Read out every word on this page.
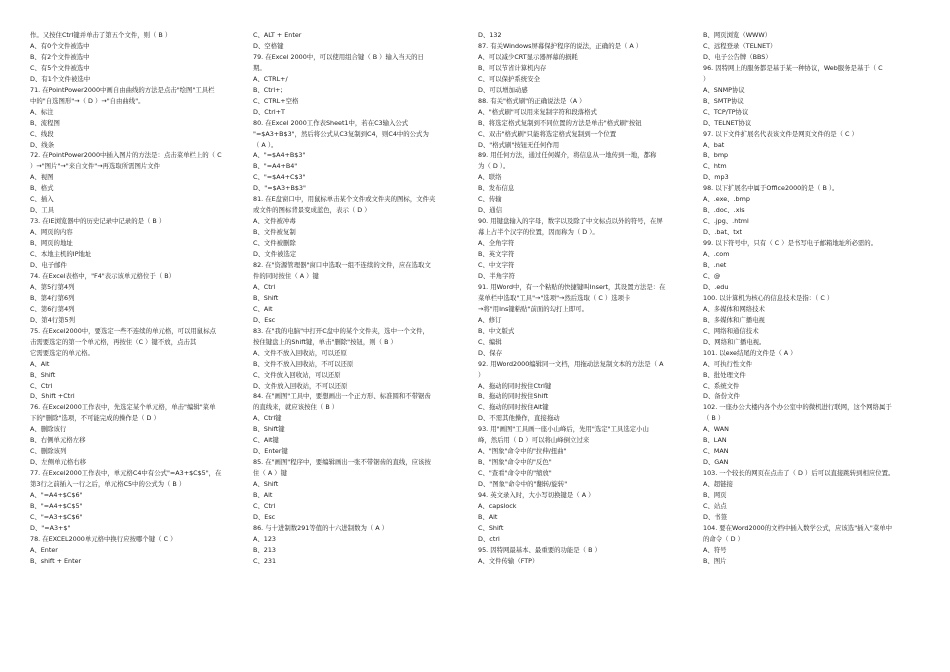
作。又按住Ctrl键并单击了第五个文件，则（ B ）
A、有0个文件被选中
B、有2个文件被选中
C、有5个文件被选中
D、有1个文件被选中
71. 在PointPower2000中画自由曲线的方法是点击"绘图"工具栏
中的"自选图形"→（ D ）→"自由曲线"。
A、标注
B、流程图
C、线段
D、线条
72. 在PointPower2000中插入图片的方法是：点击菜单栏上的（ C
）→"图片"→"来自文件"→再选取所需图片文件
A、视图
B、格式
C、插入
D、工具
73. 在IE浏览器中的历史记录中记录的是（ B ）
A、网页的内容
B、网页的地址
C、本地主机的IP地址
D、电子邮件
74. 在Excel表格中，"F4"表示该单元格位于（ B）
A、第5行第4列
B、第4行第6列
C、第6行第4列
D、第4行第5列
75. 在Excel2000中，要选定一些不连续的单元格，可以用鼠标点
击需要选定的第一个单元格，再按住（C ）键不放，点击其
它需要选定的单元格。
A、Alt
B、Shift
C、Ctrl
D、Shift +Ctrl
76. 在Excel2000工作表中，先选定某个单元格，单击"编辑"菜单
下的"删除"选项，不可能完成的操作是（ D ）
A、删除该行
B、右侧单元格左移
C、删除该列
D、左侧单元格右移
77. 在Excel2000工作表中，单元格C4中有公式"=A3+$C$5"，在
第3行之前插入一行之后，单元格C5中的公式为（ B ）
A、"=A4+$C$6"
B、"=A4+$C$5"
C、"=A3+$C$6"
D、"=A3+$"
78. 在EXCEL2000单元格中换行应按哪个键（ C ）
A、Enter
B、shift + Enter
C、ALT + Enter
D、空格键
79. 在Excel 2000中，可以使用组合键（ B ）输入当天的日
期。
A、CTRL+/
B、Ctrl+;
C、CTRL+空格
D、Ctrl+T
80. 在Excel 2000工作表Sheet1中，若在C3输入公式
"=$A3+B$3"，然后将公式从C3复制到C4，则C4中的公式为
（ A ）。
A、"=$A4+B$3"
B、"=A4+B4"
C、"=$A4+C$3"
D、"=$A3+B$3"
81. 在E盘窗口中，用鼠标单击某个文件或文件夹的图标，文件夹
或文件的图标背景变成蓝色，表示（ D ）
A、文件被冲毒
B、文件被复制
C、文件被删除
D、文件被选定
82. 在"资源管理器"窗口中选取一组不连续的文件，应在选取文
件的同时按住（ A ）键
A、Ctrl
B、Shift
C、Alt
D、Esc
83. 在"我的电脑"中打开C盘中的某个文件夹，选中一个文件，
按住键盘上的Shift键，单击"删除"按钮，则（ B ）
A、文件不放入回收站，可以还原
B、文件不放入回收站，不可以还原
C、文件放入回收站，可以还原
D、文件放入回收站，不可以还原
84. 在"画图"工具中，要想画出一个正方形、标准圆和不带锯齿
的直线来，就应该按住（ B ）
A、Ctrl键
B、Shift键
C、Alt键
D、Enter键
85. 在"画图"程序中，要编辑画出一张不带锯齿的直线，应该按
住（ A ）键
A、Shift
B、Alt
C、Ctrl
D、Esc
86. 与十进制数291等值的十六进制数为（ A ）
A、123
B、213
C、231
D、132
87. 有关Windows屏幕保护程序的说法，正确的是（ A ）
A、可以减少CRT显示器屏幕的损耗
B、可以节省计算机内存
C、可以保护系统安全
D、可以增加动感
88. 有关"格式刷"的正确说法是（A ）
A、"格式刷"可以用来复制字符和段落格式
B、将选定格式复制到不同位置的方法是单击"格式刷"按钮
C、双击"格式刷"只能将选定格式复制到一个位置
D、"格式刷"按钮无任何作用
89. 用任何方法，通过任何媒介，将信息从一地传到一地，都称
为（ D ）。
A、联络
B、发布信息
C、传输
D、通信
90. 用键盘输入的字母，数字以及除了中文标点以外的符号，在屏
幕上占半个汉字的位置，因而称为（ D ）。
A、全角字符
B、英文字符
C、中文字符
D、半角字符
91. 用Word中，有一个粘贴的快捷键叫Insert，其设置方法是：在
菜单栏中选取"工具"→"选项"→然后选取（ C ）选项卡
→将"用Ins键粘贴"前面的勾打上即可。
A、修订
B、中文版式
C、编辑
D、保存
92. 用Word2000编辑同一文档，用拖动法复制文本的方法是（ A
）
A、拖动的同时按住Ctrl键
B、拖动的同时按住Shift
C、拖动的同时按住Alt键
D、不需其他操作，直接拖动
93. 用"画图"工具画一座小山峰后，先用"选定"工具选定小山
峰，然后用（ D ）可以将山峰倒立过来
A、"图象"命令中的"拉伸/扭曲"
B、"图象"命令中的"反色"
C、"查看"命令中的"缩放"
D、"图象"命令中的"翻转/旋转"
94. 英文录入时，大小写切换键是（ A ）
A、capslock
B、Alt
C、Shift
D、ctrl
95. 因特网最基本、最重要的功能是（ B ）
A、文件传输（FTP）
B、网页浏览（WWW）
C、远程登录（TELNET）
D、电子公告牌（BBS）
96. 因特网上的服务都是基于某一种协议，Web服务是基于（ C
）
A、SNMP协议
B、SMTP协议
C、TCP/TP协议
D、TELNET协议
97. 以下文件扩展名代表该文件是网页文件的是（ C ）
A、bat
B、bmp
C、htm
D、mp3
98. 以下扩展名中属于Office2000的是（ B ）。
A、.exe、.bmp
B、.doc、.xls
C、.jpg、.html
D、.bat、txt
99. 以下符号中，只有（ C ）是书写电子邮箱地址所必需的。
A、.com
B、.net
C、@
D、.edu
100. 以计算机为核心的信息技术是指：（ C ）
A、多媒体和网络技术
B、多媒体和广播电视
C、网络和通信技术
D、网络和广播电视。
101. 以exe结尾的文件是（ A ）
A、可执行性文件
B、批处理文件
C、系统文件
D、备份文件
102. 一座办公大楼内各个办公室中的微机进行联网，这个网络属于
（ B ）
A、WAN
B、LAN
C、MAN
D、GAN
103. 一个较长的网页在点击了（ D ）后可以直接跳转到相应位置。
A、超链接
B、网页
C、站点
D、书签
104. 要在Word2000的文档中插入数学公式，应该选"插入"菜单中
的命令（ D ）
A、符号
B、图片
